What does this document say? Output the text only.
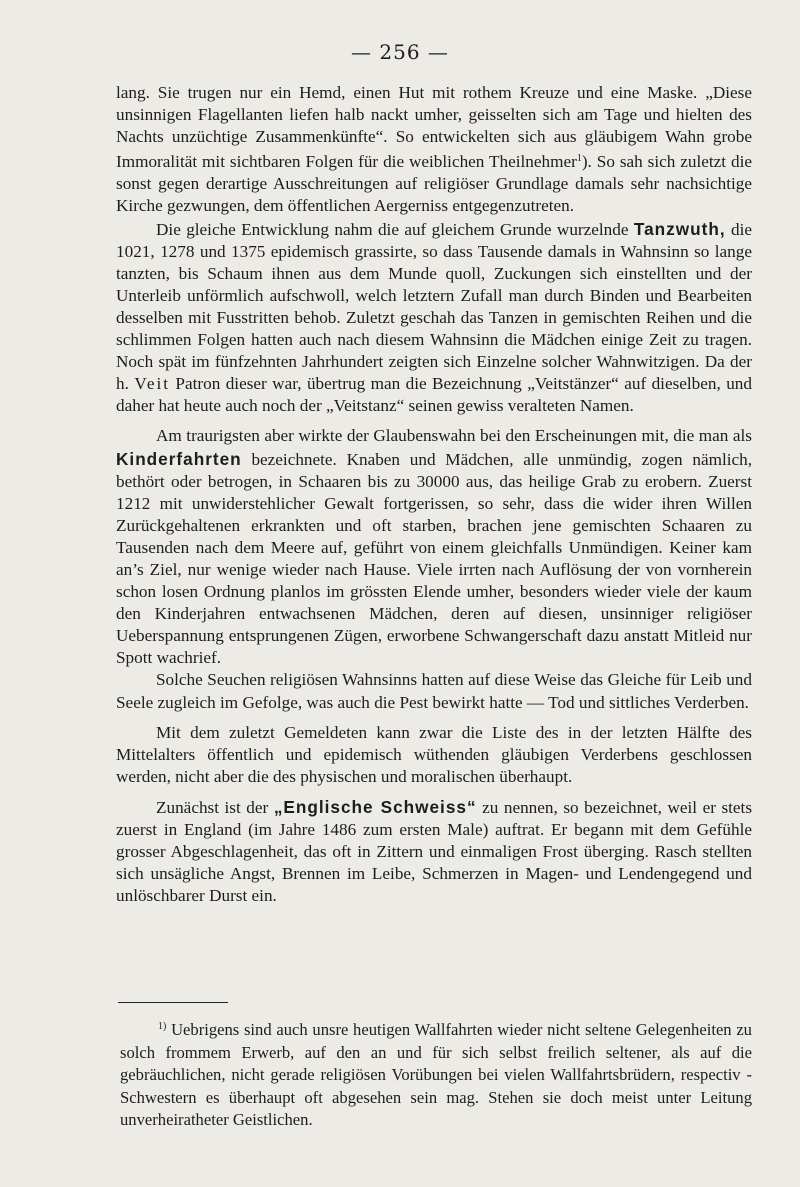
— 256 —

lang. Sie trugen nur ein Hemd, einen Hut mit rothem Kreuze und eine Maske. „Diese unsinnigen Flagellanten liefen halb nackt umher, geisselten sich am Tage und hielten des Nachts unzüchtige Zusammenkünfte“. So entwickelten sich aus gläubigem Wahn grobe Immoralität mit sichtbaren Folgen für die weiblichen Theilnehmer$^1$). So sah sich zuletzt die sonst gegen derartige Ausschreitungen auf religiöser Grundlage damals sehr nachsichtige Kirche gezwungen, dem öffentlichen Aergerniss entgegenzutreten.

Die gleiche Entwicklung nahm die auf gleichem Grunde wurzelnde Tanzwuth, die 1021, 1278 und 1375 epidemisch grassirte, so dass Tausende damals in Wahnsinn so lange tanzten, bis Schaum ihnen aus dem Munde quoll, Zuckungen sich einstellten und der Unterleib unförmlich aufschwoll, welch letztern Zufall man durch Binden und Bearbeiten desselben mit Fusstritten behob. Zuletzt geschah das Tanzen in gemischten Reihen und die schlimmen Folgen hatten auch nach diesem Wahnsinn die Mädchen einige Zeit zu tragen. Noch spät im fünfzehnten Jahrhundert zeigten sich Einzelne solcher Wahnwitzigen. Da der h. Veit Patron dieser war, übertrug man die Bezeichnung „Veitstänzer“ auf dieselben, und daher hat heute auch noch der „Veitstanz“ seinen gewiss veralteten Namen.

Am traurigsten aber wirkte der Glaubenswahn bei den Erscheinungen mit, die man als Kinderfahrten bezeichnete. Knaben und Mädchen, alle unmündig, zogen nämlich, bethört oder betrogen, in Schaaren bis zu 30000 aus, das heilige Grab zu erobern. Zuerst 1212 mit unwiderstehlicher Gewalt fortgerissen, so sehr, dass die wider ihren Willen Zurückgehaltenen erkrankten und oft starben, brachen jene gemischten Schaaren zu Tausenden nach dem Meere auf, geführt von einem gleichfalls Unmündigen. Keiner kam an’s Ziel, nur wenige wieder nach Hause. Viele irrten nach Auflösung der von vornherein schon losen Ordnung planlos im grössten Elende umher, besonders wieder viele der kaum den Kinderjahren entwachsenen Mädchen, deren auf diesen, unsinniger religiöser Ueberspannung entsprungenen Zügen, erworbene Schwangerschaft dazu anstatt Mitleid nur Spott wachrief.

Solche Seuchen religiösen Wahnsinns hatten auf diese Weise das Gleiche für Leib und Seele zugleich im Gefolge, was auch die Pest bewirkt hatte — Tod und sittliches Verderben.

Mit dem zuletzt Gemeldeten kann zwar die Liste des in der letzten Hälfte des Mittelalters öffentlich und epidemisch wüthenden gläubigen Verderbens geschlossen werden, nicht aber die des physischen und moralischen überhaupt.

Zunächst ist der „Englische Schweiss“ zu nennen, so bezeichnet, weil er stets zuerst in England (im Jahre 1486 zum ersten Male) auftrat. Er begann mit dem Gefühle grosser Abgeschlagenheit, das oft in Zittern und einmaligen Frost überging. Rasch stellten sich unsägliche Angst, Brennen im Leibe, Schmerzen in Magen- und Lendengegend und unlöschbarer Durst ein.

$^{1)}$ Uebrigens sind auch unsre heutigen Wallfahrten wieder nicht seltene Gelegenheiten zu solch frommem Erwerb, auf den an und für sich selbst freilich seltener, als auf die gebräuchlichen, nicht gerade religiösen Vorübungen bei vielen Wallfahrtsbrüdern, respectiv -Schwestern es überhaupt oft abgesehen sein mag. Stehen sie doch meist unter Leitung unverheiratheter Geistlichen.
